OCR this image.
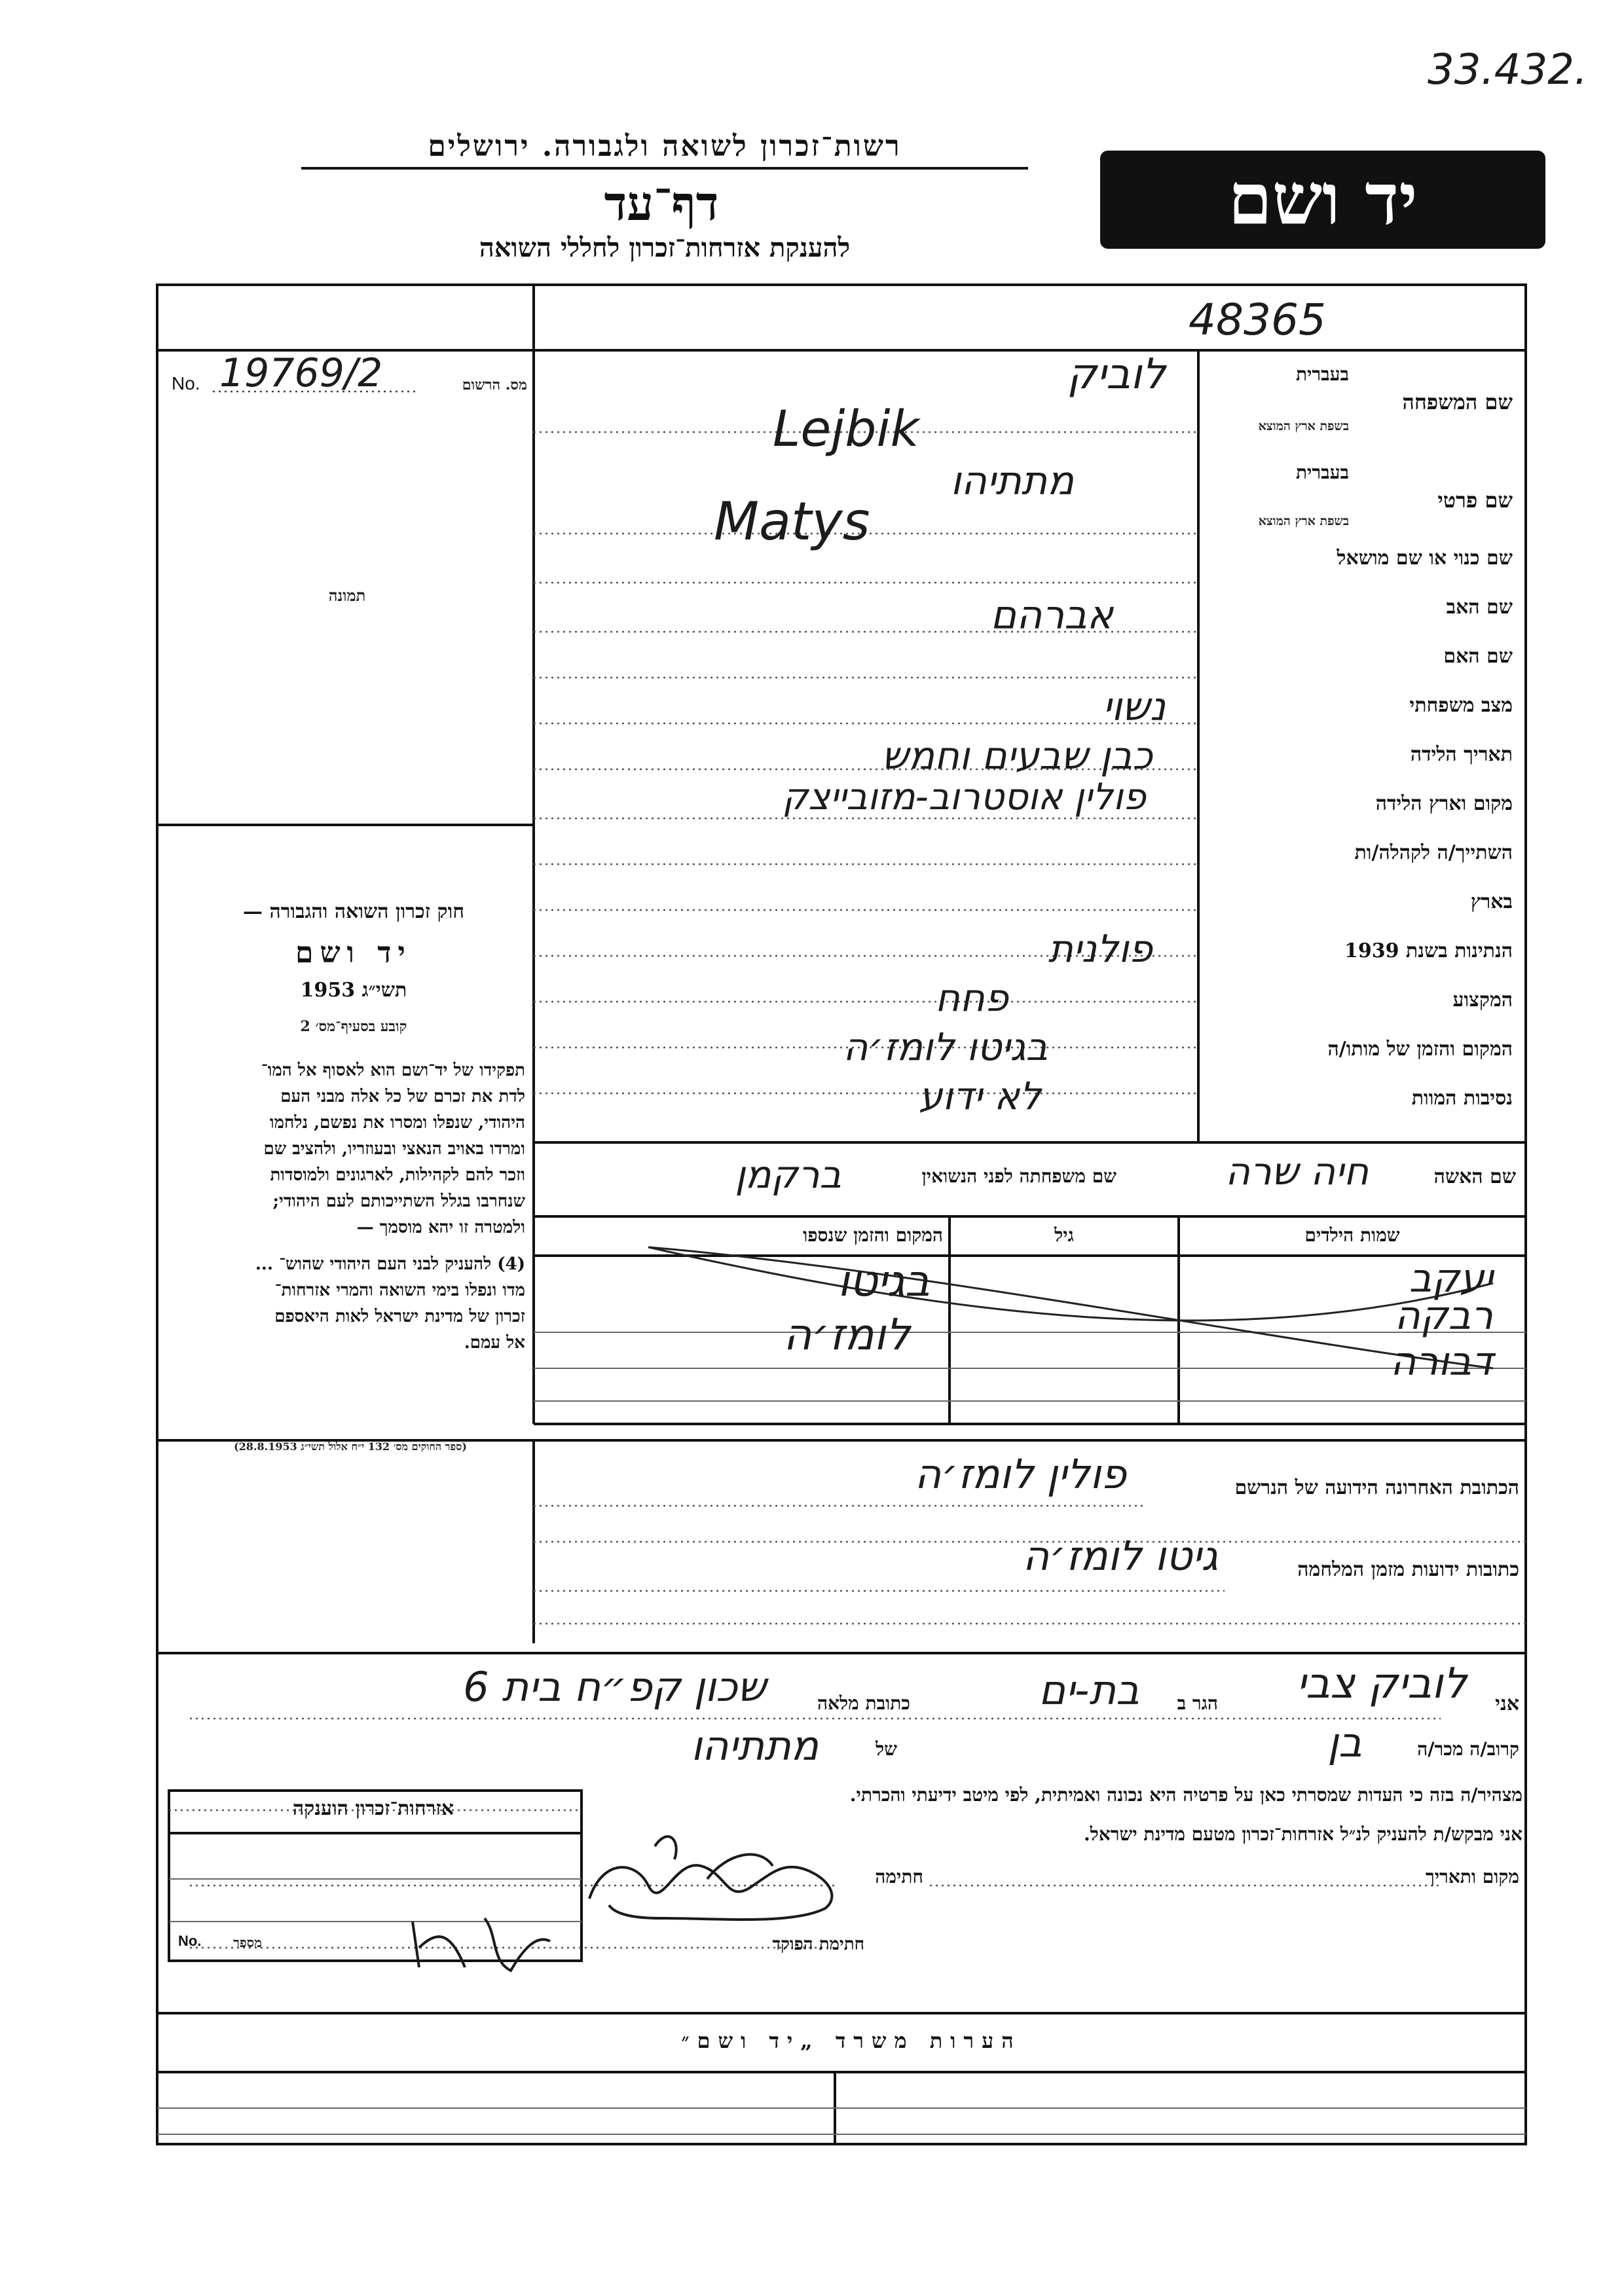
33.432.
רשות־זכרון לשואה ולגבורה. ירושלים
דף־עד
להענקת אזרחות־זכרון לחללי השואה
יד ושם
48365
No. 19769/2	מס. הרשום
תמונה
שם המשפחה
בעברית
בשפת ארץ המוצא
שם פרטי
בעברית
בשפת ארץ המוצא
שם כנוי או שם מושאל
שם האב
שם האם
מצב משפחתי
תאריך הלידה
מקום וארץ הלידה
השתייך/ה לקהלה/ות
בארץ
הנתינות בשנת 1939
המקצוע
המקום והזמן של מותו/ה
נסיבות המוות
לוביק
Lejbik
מתתיהו
Matys
אברהם
נשוי
כבן שבעים וחמש
פולין אוסטרוב-מזובייצק
פולנית
פחח
בגיטו לומז׳ה
לא ידוע
חוק זכרון השואה והגבורה —
יד ושם
תשי״ג 1953
קובע בסעיף־מס׳ 2
תפקידו של יד־ושם הוא לאסוף אל המו־
לדת את זכרם של כל אלה מבני העם
היהודי, שנפלו ומסרו את נפשם, נלחמו
ומרדו באויב הנאצי ובעוזריו, ולהציב שם
וזכר להם לקהילות, לארגונים ולמוסדות
שנחרבו בגלל השתייכותם לעם היהודי;
ולמטרה זו יהא מוסמך —
(4) להעניק לבני העם היהודי שהוש־ ...
מדו ונפלו בימי השואה והמרי אזרחות־
זכרון של מדינת ישראל לאות היאספם
אל עמם.
(ספר החוקים מס׳ 132 י״ח אלול תשי״ג 28.8.1953)
שם האשה
חיה שרה
שם משפחתה לפני הנשואין
ברקמן
שמות הילדים
גיל
המקום והזמן שנספו
יעקב
רבקה
דבורה
בגיטו
לומז׳ה
הכתובת האחרונה הידועה של הנרשם
פולין לומז׳ה
כתובות ידועות מזמן המלחמה
גיטו לומז׳ה
אני
לוביק צבי
הגר ב
בת-ים
כתובת מלאה
שכון קפ״ח בית 6
קרוב/ה מכר/ה
בן
של
מתתיהו
מצהיר/ה בזה כי העדות שמסרתי כאן על פרטיה היא נכונה ואמיתית, לפי מיטב ידיעתי והכרתי.
אני מבקש/ת להעניק לנ״ל אזרחות־זכרון מטעם מדינת ישראל.
מקום ותאריך
חתימה
חתימת הפוקד
אזרחות־זכרון הוענקה
מספר
No.
הערות משרד „יד ושם״
